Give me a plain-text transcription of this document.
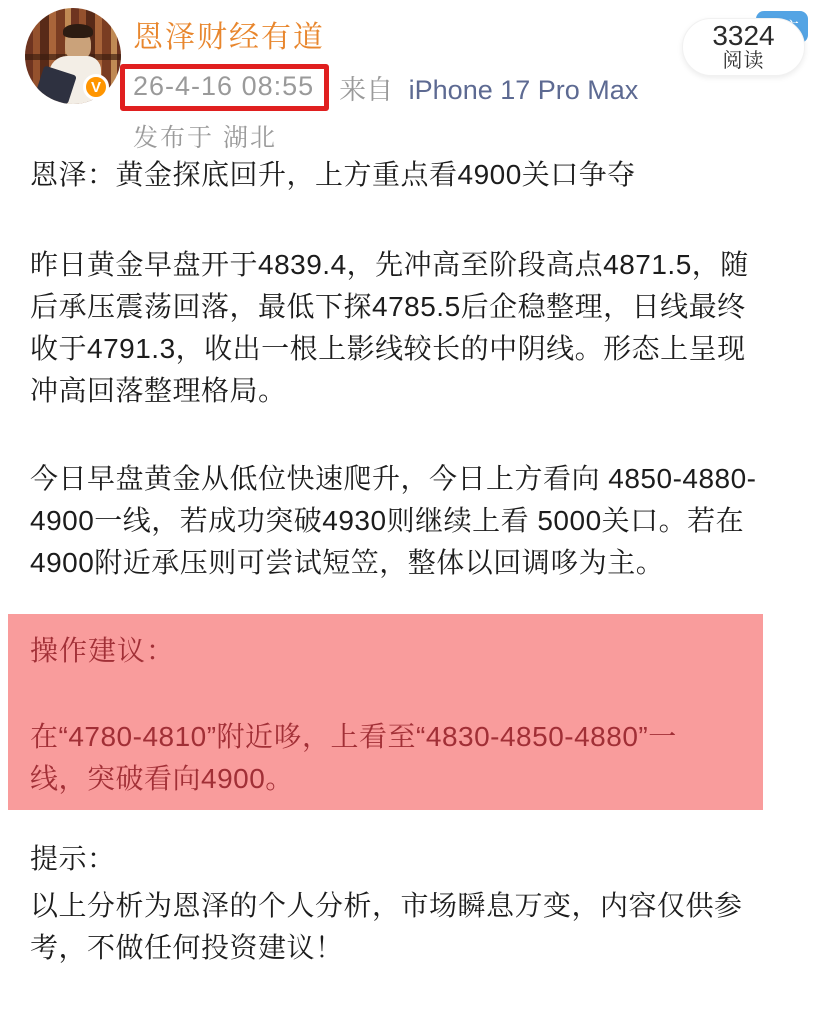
V
恩泽财经有道
26-4-16 08:55 来自 iPhone 17 Pro Max
发布于 湖北
3324
阅读

恩泽：黄金探底回升，上方重点看4900关口争夺

昨日黄金早盘开于4839.4，先冲高至阶段高点4871.5，随后承压震荡回落，最低下探4785.5后企稳整理，日线最终收于4791.3，收出一根上影线较长的中阴线。形态上呈现冲高回落整理格局。

今日早盘黄金从低位快速爬升，今日上方看向 4850-4880-4900一线，若成功突破4930则继续上看 5000关口。若在4900附近承压则可尝试短笠，整体以回调哆为主。

操作建议：

在“4780-4810”附近哆，上看至“4830-4850-4880”一线，突破看向4900。

提示：

以上分析为恩泽的个人分析，市场瞬息万变，内容仅供参考，不做任何投资建议！
